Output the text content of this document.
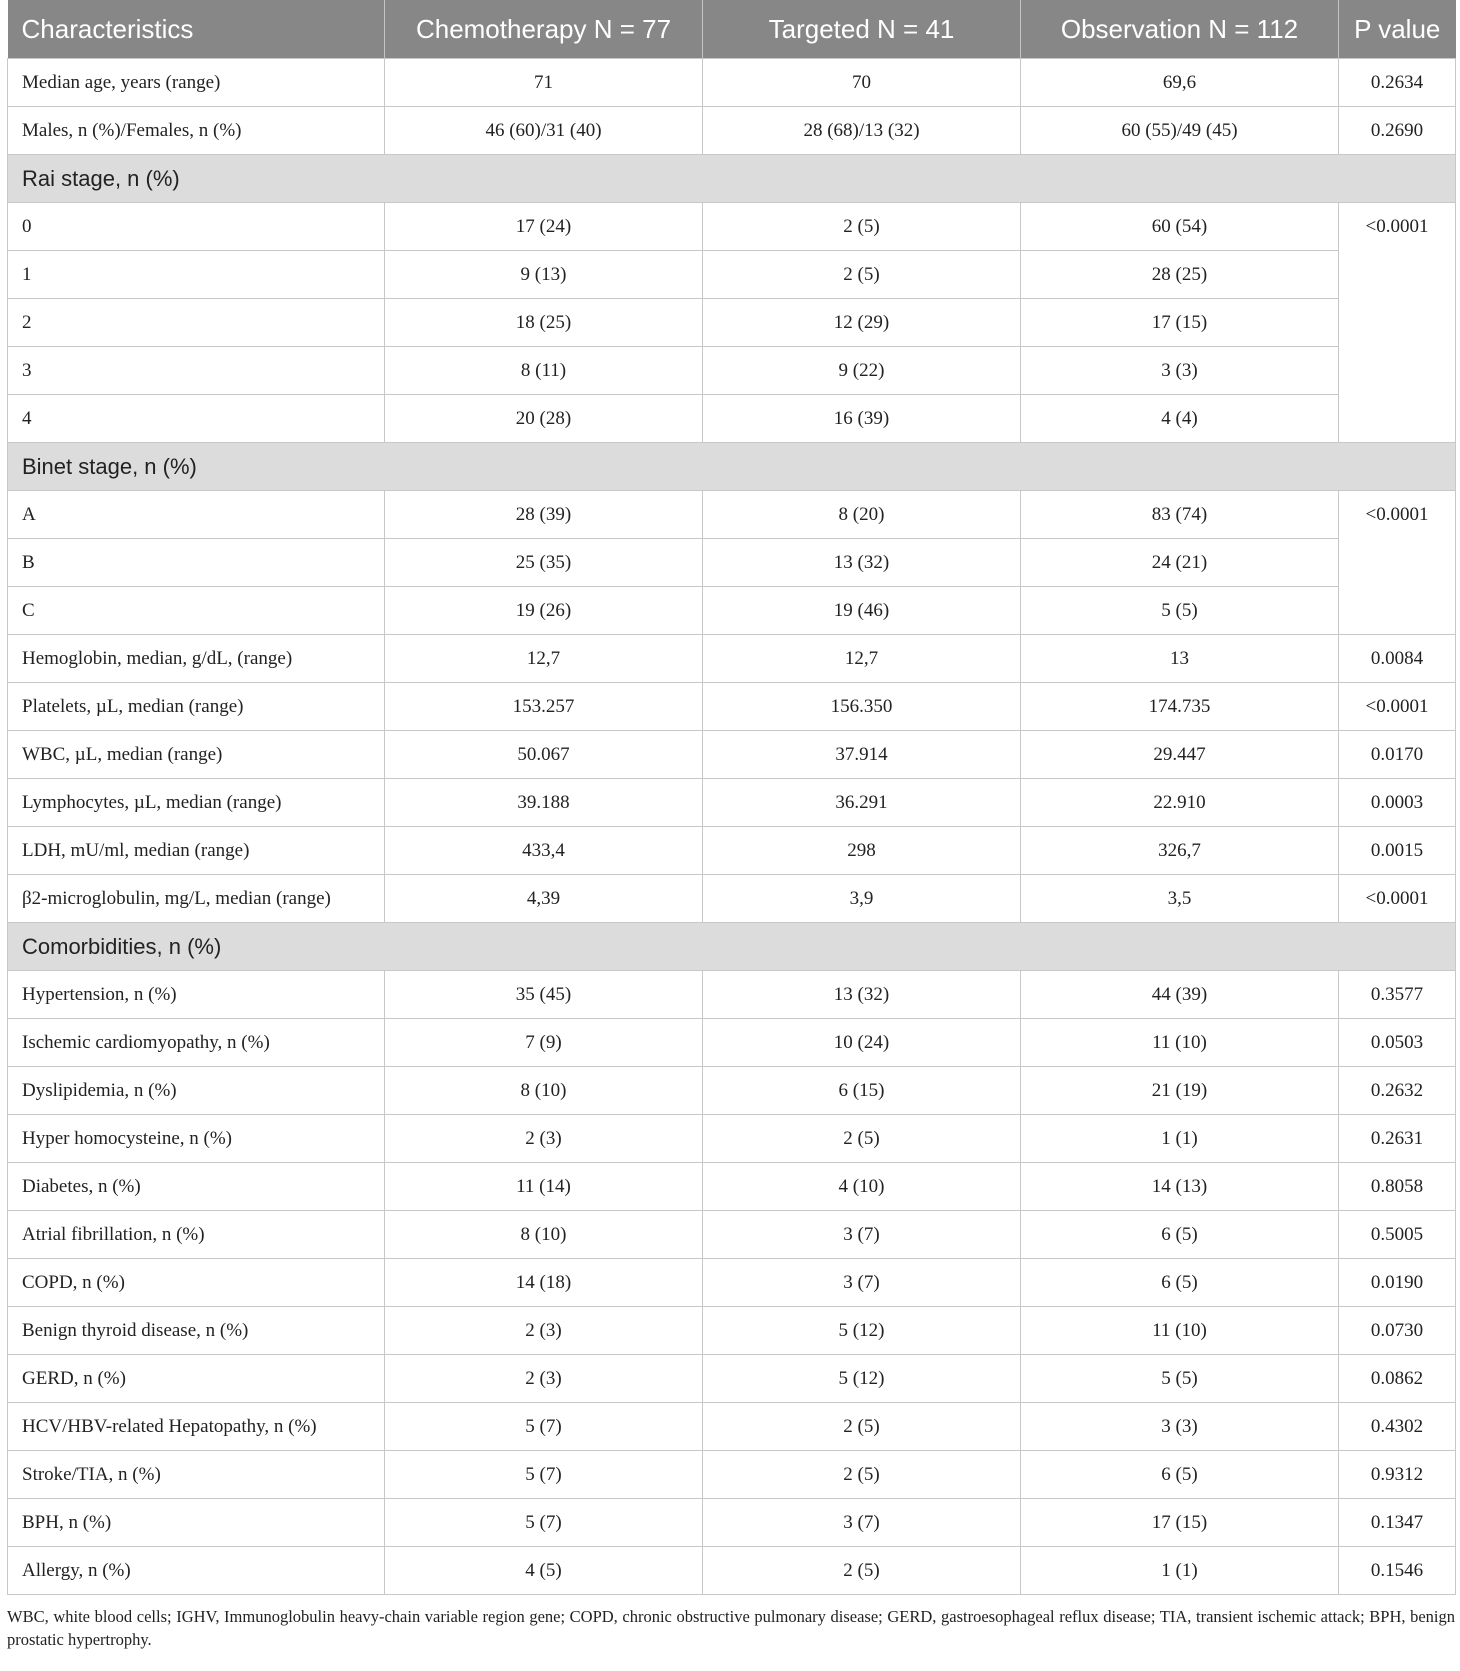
Characteristics	Chemotherapy N = 77	Targeted N = 41	Observation N = 112	P value
Median age, years (range)	71	70	69,6	0.2634
Males, n (%)/Females, n (%)	46 (60)/31 (40)	28 (68)/13 (32)	60 (55)/49 (45)	0.2690
Rai stage, n (%)				
0	17 (24)	2 (5)	60 (54)	<0.0001
1	9 (13)	2 (5)	28 (25)	
2	18 (25)	12 (29)	17 (15)	
3	8 (11)	9 (22)	3 (3)	
4	20 (28)	16 (39)	4 (4)	
Binet stage, n (%)				
A	28 (39)	8 (20)	83 (74)	<0.0001
B	25 (35)	13 (32)	24 (21)	
C	19 (26)	19 (46)	5 (5)	
Hemoglobin, median, g/dL, (range)	12,7	12,7	13	0.0084
Platelets, µL, median (range)	153.257	156.350	174.735	<0.0001
WBC, µL, median (range)	50.067	37.914	29.447	0.0170
Lymphocytes, µL, median (range)	39.188	36.291	22.910	0.0003
LDH, mU/ml, median (range)	433,4	298	326,7	0.0015
β2-microglobulin, mg/L, median (range)	4,39	3,9	3,5	<0.0001
Comorbidities, n (%)				
Hypertension, n (%)	35 (45)	13 (32)	44 (39)	0.3577
Ischemic cardiomyopathy, n (%)	7 (9)	10 (24)	11 (10)	0.0503
Dyslipidemia, n (%)	8 (10)	6 (15)	21 (19)	0.2632
Hyper homocysteine, n (%)	2 (3)	2 (5)	1 (1)	0.2631
Diabetes, n (%)	11 (14)	4 (10)	14 (13)	0.8058
Atrial fibrillation, n (%)	8 (10)	3 (7)	6 (5)	0.5005
COPD, n (%)	14 (18)	3 (7)	6 (5)	0.0190
Benign thyroid disease, n (%)	2 (3)	5 (12)	11 (10)	0.0730
GERD, n (%)	2 (3)	5 (12)	5 (5)	0.0862
HCV/HBV-related Hepatopathy, n (%)	5 (7)	2 (5)	3 (3)	0.4302
Stroke/TIA, n (%)	5 (7)	2 (5)	6 (5)	0.9312
BPH, n (%)	5 (7)	3 (7)	17 (15)	0.1347
Allergy, n (%)	4 (5)	2 (5)	1 (1)	0.1546
WBC, white blood cells; IGHV, Immunoglobulin heavy-chain variable region gene; COPD, chronic obstructive pulmonary disease; GERD, gastroesophageal reflux disease; TIA, transient ischemic attack; BPH, benign prostatic hypertrophy.
